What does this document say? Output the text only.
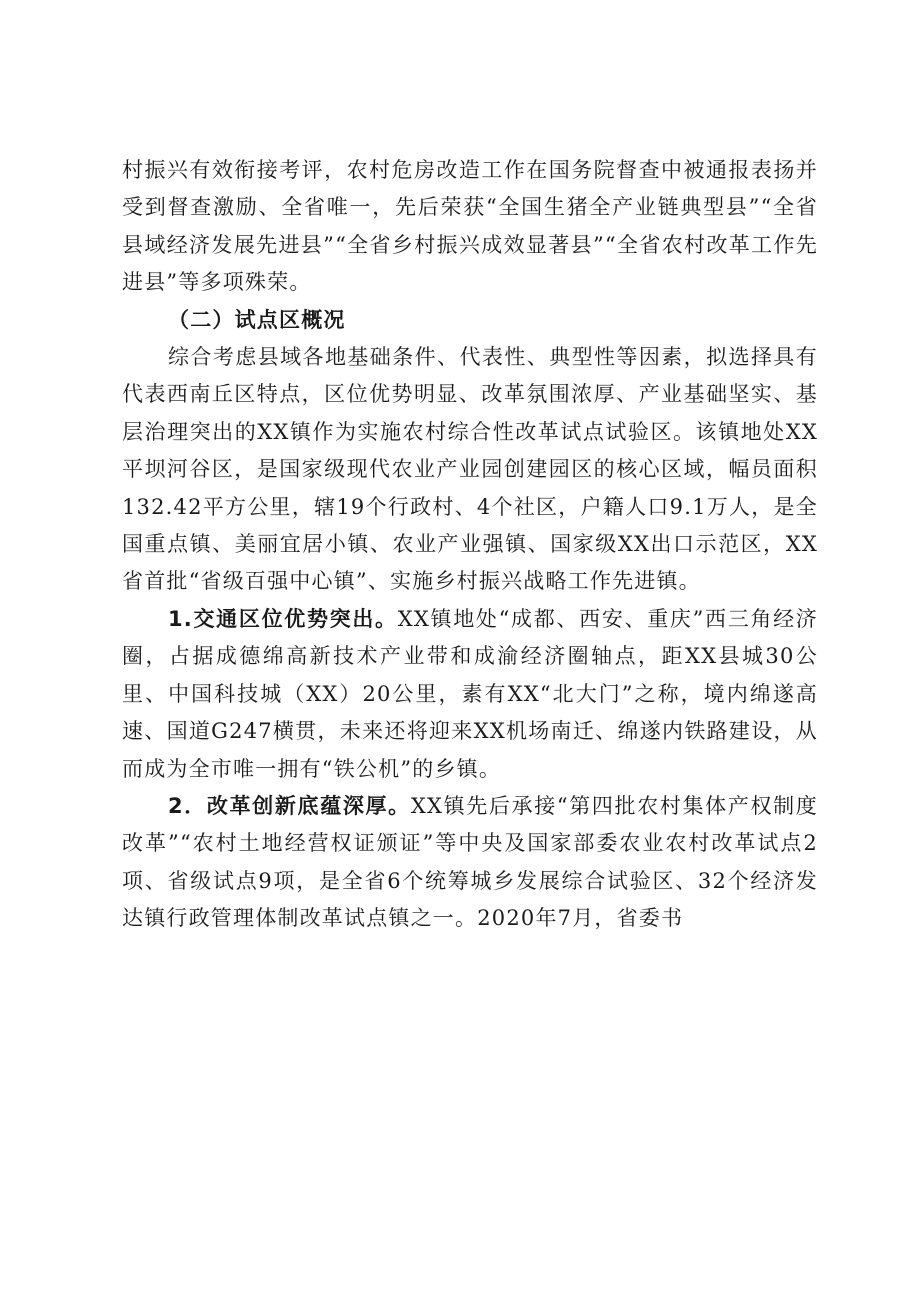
村振兴有效衔接考评，农村危房改造工作在国务院督查中被通报表扬并受到督查激励、全省唯一，先后荣获“全国生猪全产业链典型县”“全省县域经济发展先进县”“全省乡村振兴成效显著县”“全省农村改革工作先进县”等多项殊荣。

（二）试点区概况

综合考虑县域各地基础条件、代表性、典型性等因素，拟选择具有代表西南丘区特点，区位优势明显、改革氛围浓厚、产业基础坚实、基层治理突出的XX镇作为实施农村综合性改革试点试验区。该镇地处XX平坝河谷区，是国家级现代农业产业园创建园区的核心区域，幅员面积132.42平方公里，辖19个行政村、4个社区，户籍人口9.1万人，是全国重点镇、美丽宜居小镇、农业产业强镇、国家级XX出口示范区，XX省首批“省级百强中心镇”、实施乡村振兴战略工作先进镇。

1.交通区位优势突出。XX镇地处“成都、西安、重庆”西三角经济圈，占据成德绵高新技术产业带和成渝经济圈轴点，距XX县城30公里、中国科技城（XX）20公里，素有XX“北大门”之称，境内绵遂高速、国道G247横贯，未来还将迎来XX机场南迁、绵遂内铁路建设，从而成为全市唯一拥有“铁公机”的乡镇。

2．改革创新底蕴深厚。XX镇先后承接“第四批农村集体产权制度改革”“农村土地经营权证颁证”等中央及国家部委农业农村改革试点2项、省级试点9项，是全省6个统筹城乡发展综合试验区、32个经济发达镇行政管理体制改革试点镇之一。2020年7月，省委书
